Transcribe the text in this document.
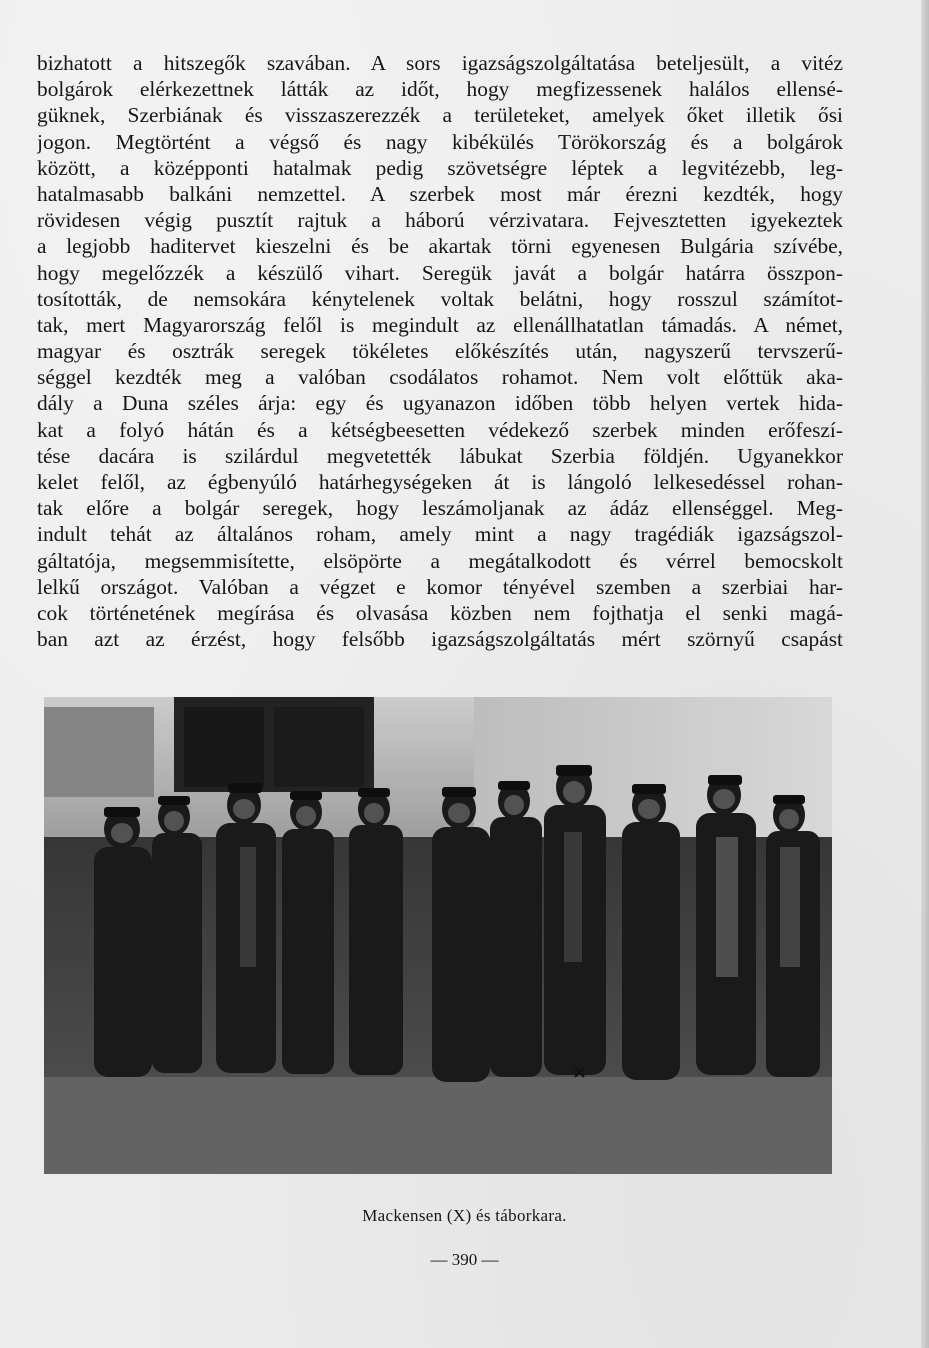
bizhatott a hitszegők szavában. A sors igazságszolgáltatása beteljesült, a vitéz
bolgárok elérkezettnek látták az időt, hogy megfizessenek halálos ellensé-
güknek, Szerbiának és visszaszerezzék a területeket, amelyek őket illetik ősi
jogon. Megtörtént a végső és nagy kibékülés Törökország és a bolgárok
között, a középponti hatalmak pedig szövetségre léptek a legvitézebb, leg-
hatalmasabb balkáni nemzettel. A szerbek most már érezni kezdték, hogy
rövidesen végig pusztít rajtuk a háború vérzivatara. Fejvesztetten igyekeztek
a legjobb haditervet kieszelni és be akartak törni egyenesen Bulgária szívébe,
hogy megelőzzék a készülő vihart. Seregük javát a bolgár határra összpon-
tosították, de nemsokára kénytelenek voltak belátni, hogy rosszul számítot-
tak, mert Magyarország felől is megindult az ellenállhatatlan támadás. A német,
magyar és osztrák seregek tökéletes előkészítés után, nagyszerű tervszerű-
séggel kezdték meg a valóban csodálatos rohamot. Nem volt előttük aka-
dály a Duna széles árja: egy és ugyanazon időben több helyen vertek hida-
kat a folyó hátán és a kétségbeesetten védekező szerbek minden erőfeszí-
tése dacára is szilárdul megvetették lábukat Szerbia földjén. Ugyanekkor
kelet felől, az égbenyúló határhegységeken át is lángoló lelkesedéssel rohan-
tak előre a bolgár seregek, hogy leszámoljanak az ádáz ellenséggel. Meg-
indult tehát az általános roham, amely mint a nagy tragédiák igazságszol-
gáltatója, megsemmisítette, elsöpörte a megátalkodott és vérrel bemocskolt
lelkű országot. Valóban a végzet e komor tényével szemben a szerbiai har-
cok történetének megírása és olvasása közben nem fojthatja el senki magá-
ban azt az érzést, hogy felsőbb igazságszolgáltatás mért szörnyű csapást
×
Mackensen (X) és táborkara.
— 390 —
